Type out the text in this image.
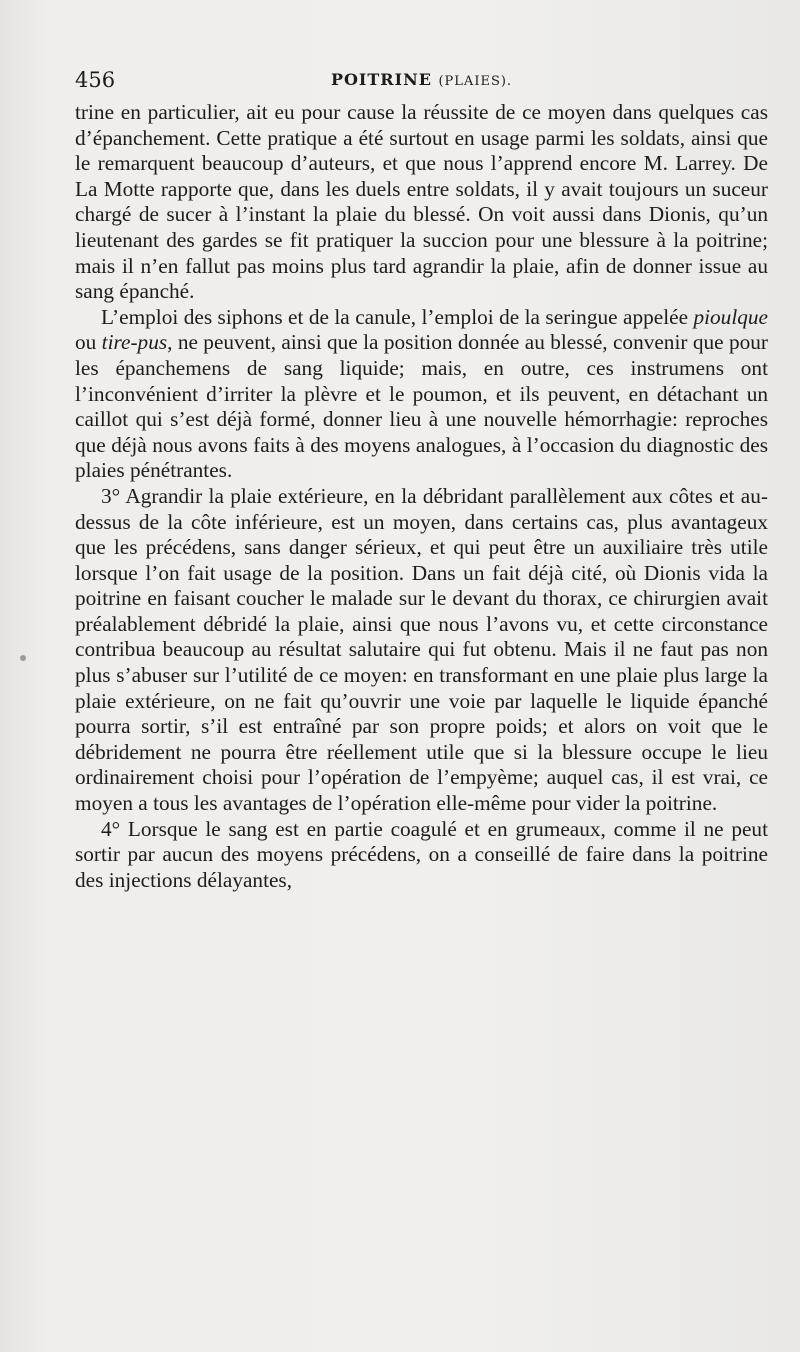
456	POITRINE (PLAIES).

trine en particulier, ait eu pour cause la réussite de ce moyen dans quelques cas d’épanchement. Cette pratique a été surtout en usage parmi les soldats, ainsi que le remarquent beaucoup d’auteurs, et que nous l’apprend encore M. Larrey. De La Motte rapporte que, dans les duels entre soldats, il y avait toujours un suceur chargé de sucer à l’instant la plaie du blessé. On voit aussi dans Dionis, qu’un lieutenant des gardes se fit pratiquer la succion pour une blessure à la poitrine; mais il n’en fallut pas moins plus tard agrandir la plaie, afin de donner issue au sang épanché.

L’emploi des siphons et de la canule, l’emploi de la seringue appelée pioulque ou tire-pus, ne peuvent, ainsi que la position donnée au blessé, convenir que pour les épanchemens de sang liquide; mais, en outre, ces instrumens ont l’inconvénient d’irriter la plèvre et le poumon, et ils peuvent, en détachant un caillot qui s’est déjà formé, donner lieu à une nouvelle hémorrhagie: reproches que déjà nous avons faits à des moyens analogues, à l’occasion du diagnostic des plaies pénétrantes.

3° Agrandir la plaie extérieure, en la débridant parallèlement aux côtes et au-dessus de la côte inférieure, est un moyen, dans certains cas, plus avantageux que les précédens, sans danger sérieux, et qui peut être un auxiliaire très utile lorsque l’on fait usage de la position. Dans un fait déjà cité, où Dionis vida la poitrine en faisant coucher le malade sur le devant du thorax, ce chirurgien avait préalablement débridé la plaie, ainsi que nous l’avons vu, et cette circonstance contribua beaucoup au résultat salutaire qui fut obtenu. Mais il ne faut pas non plus s’abuser sur l’utilité de ce moyen: en transformant en une plaie plus large la plaie extérieure, on ne fait qu’ouvrir une voie par laquelle le liquide épanché pourra sortir, s’il est entraîné par son propre poids; et alors on voit que le débridement ne pourra être réellement utile que si la blessure occupe le lieu ordinairement choisi pour l’opération de l’empyème; auquel cas, il est vrai, ce moyen a tous les avantages de l’opération elle-même pour vider la poitrine.

4° Lorsque le sang est en partie coagulé et en grumeaux, comme il ne peut sortir par aucun des moyens précédens, on a conseillé de faire dans la poitrine des injections délayantes,
